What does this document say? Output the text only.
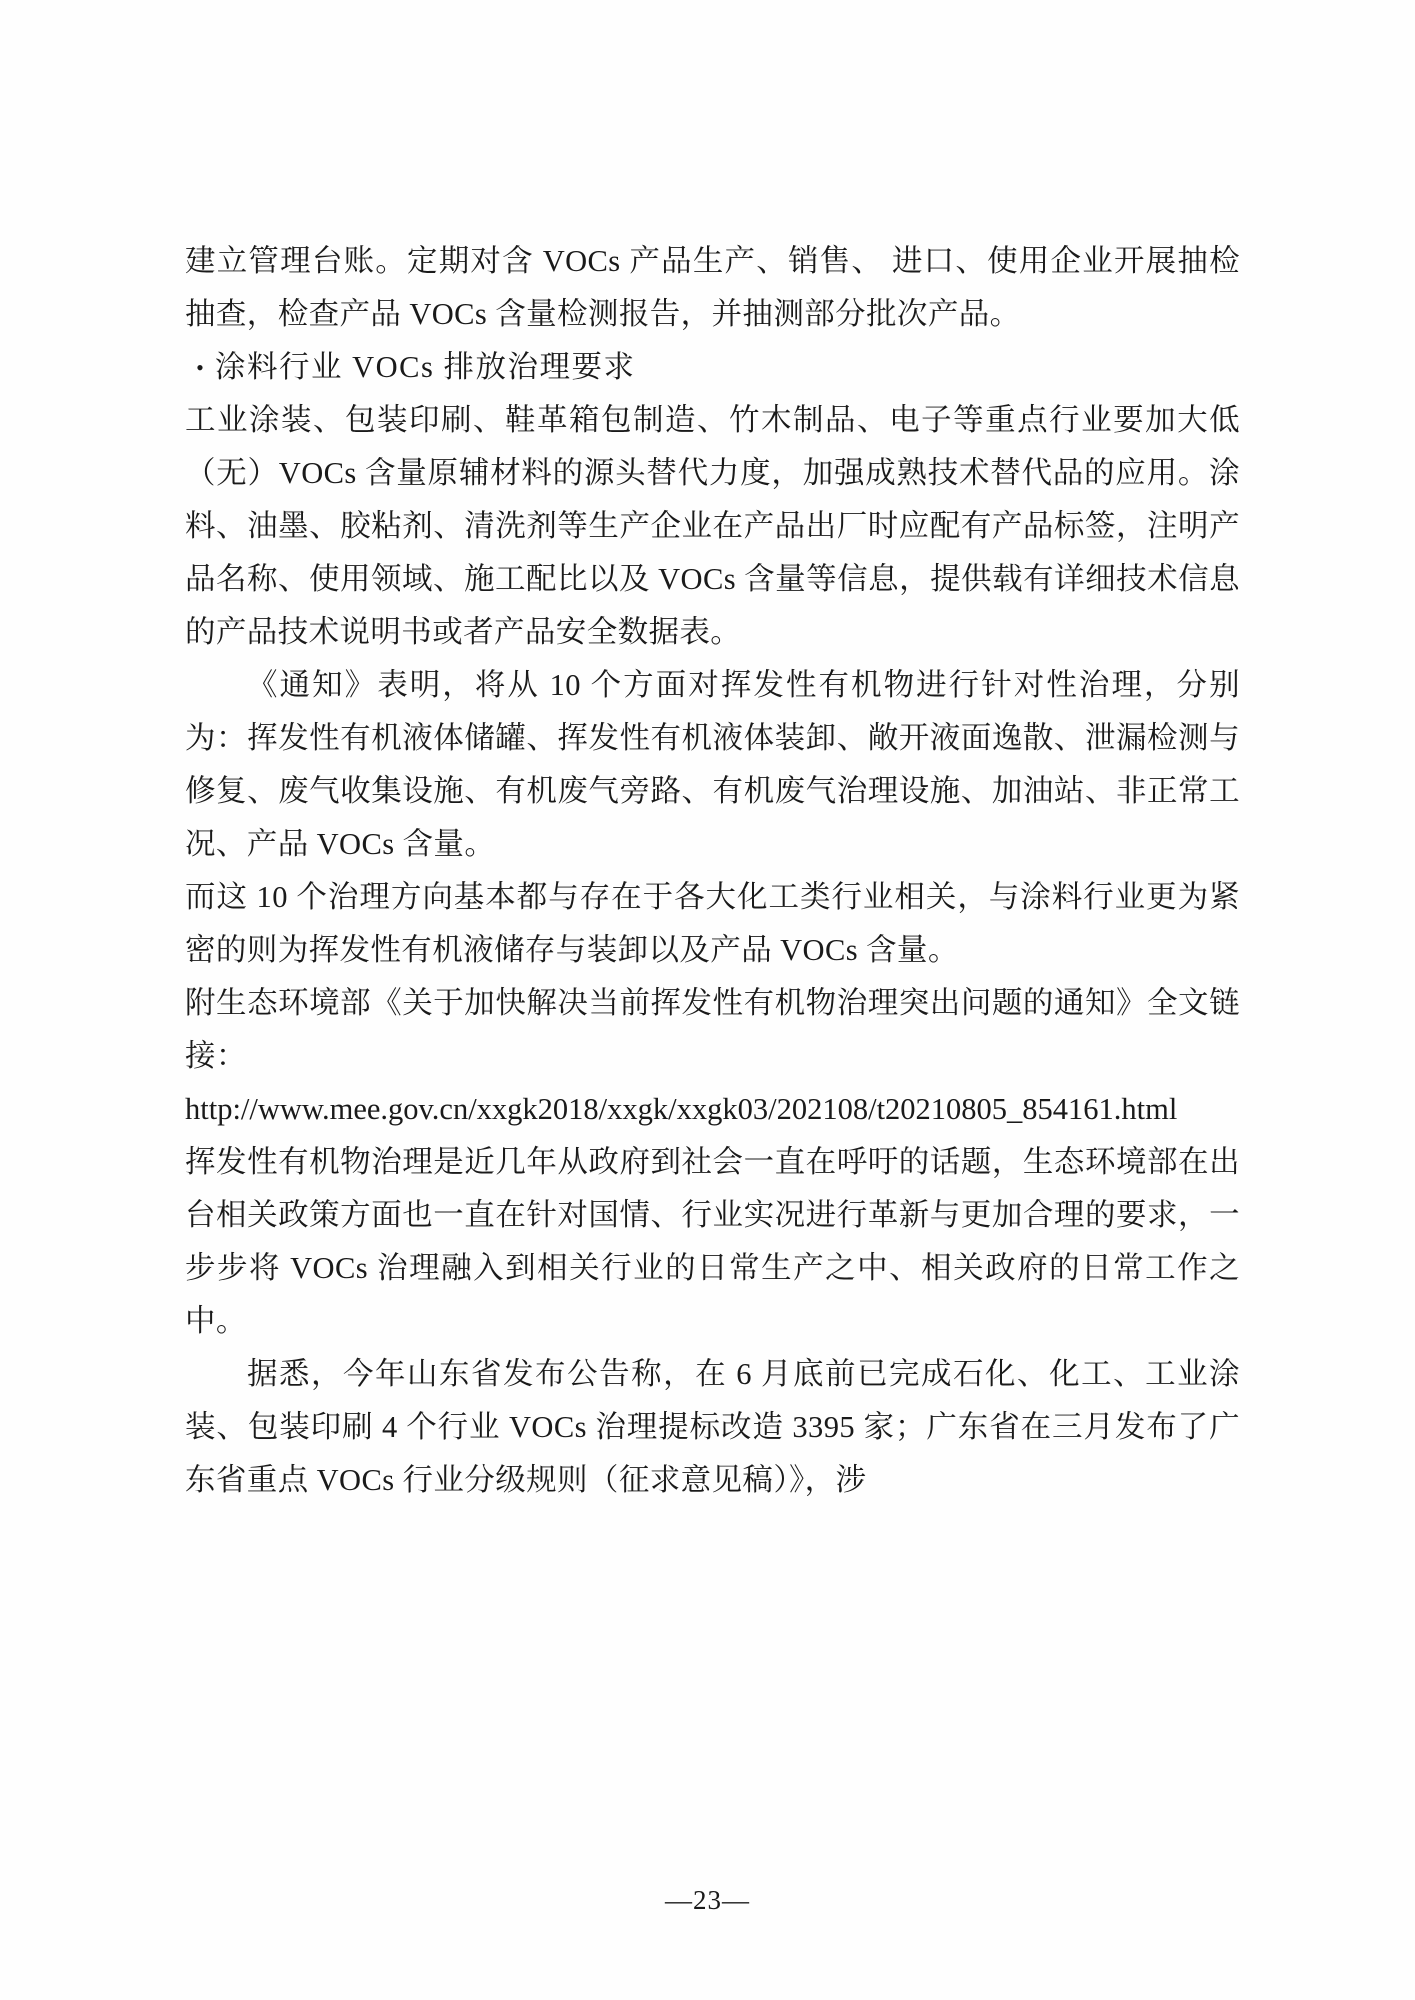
建立管理台账。定期对含 VOCs 产品生产、销售、 进口、使用企业开展抽检抽查，检查产品 VOCs 含量检测报告，并抽测部分批次产品。

• 涂料行业 VOCs 排放治理要求

工业涂装、包装印刷、鞋革箱包制造、竹木制品、电子等重点行业要加大低（无）VOCs 含量原辅材料的源头替代力度，加强成熟技术替代品的应用。涂料、油墨、胶粘剂、清洗剂等生产企业在产品出厂时应配有产品标签，注明产品名称、使用领域、施工配比以及 VOCs 含量等信息，提供载有详细技术信息的产品技术说明书或者产品安全数据表。

《通知》表明，将从 10 个方面对挥发性有机物进行针对性治理，分别为：挥发性有机液体储罐、挥发性有机液体装卸、敞开液面逸散、泄漏检测与修复、废气收集设施、有机废气旁路、有机废气治理设施、加油站、非正常工况、产品 VOCs 含量。

而这 10 个治理方向基本都与存在于各大化工类行业相关，与涂料行业更为紧密的则为挥发性有机液储存与装卸以及产品 VOCs 含量。

附生态环境部《关于加快解决当前挥发性有机物治理突出问题的通知》全文链接：

http://www.mee.gov.cn/xxgk2018/xxgk/xxgk03/202108/t20210805_854161.html

挥发性有机物治理是近几年从政府到社会一直在呼吁的话题，生态环境部在出台相关政策方面也一直在针对国情、行业实况进行革新与更加合理的要求，一步步将 VOCs 治理融入到相关行业的日常生产之中、相关政府的日常工作之中。

据悉，今年山东省发布公告称，在 6 月底前已完成石化、化工、工业涂装、包装印刷 4 个行业 VOCs 治理提标改造 3395 家；广东省在三月发布了广东省重点 VOCs 行业分级规则（征求意见稿）》，涉

—23—
